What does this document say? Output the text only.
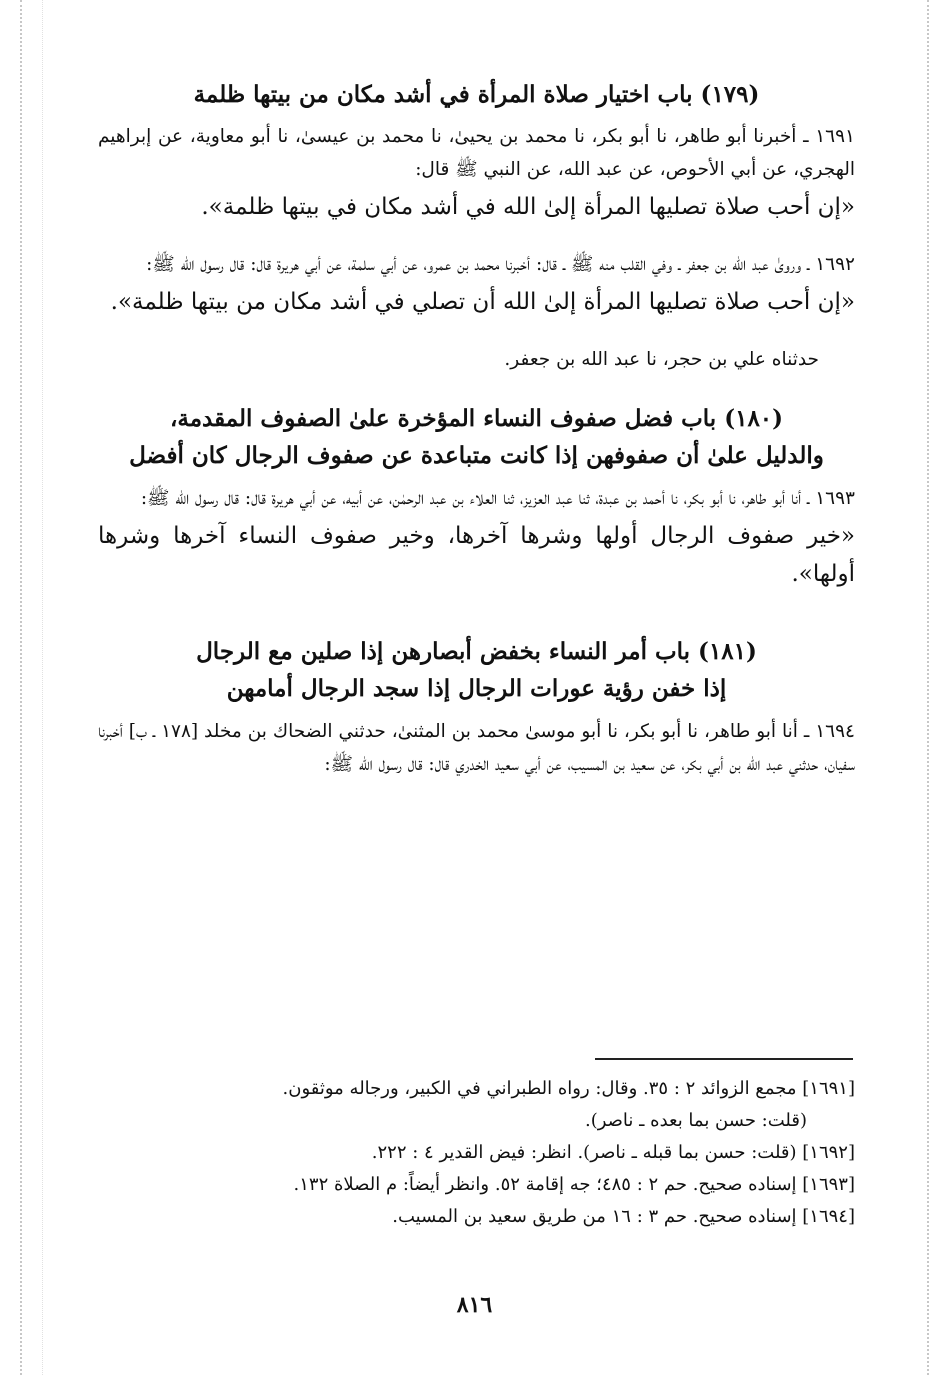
(١٧٩) باب اختيار صلاة المرأة في أشد مكان من بيتها ظلمة

١٦٩١ ـ أخبرنا أبو طاهر، نا أبو بكر، نا محمد بن يحيىٰ، نا محمد بن عيسىٰ، نا أبو معاوية، عن إبراهيم الهجري، عن أبي الأحوص، عن عبد الله، عن النبي ﷺ قال:

«إن أحب صلاة تصليها المرأة إلىٰ الله في أشد مكان في بيتها ظلمة».

١٦٩٢ ـ وروىٰ عبد الله بن جعفر ـ وفي القلب منه ﷺ ـ قال: أخبرنا محمد بن عمرو، عن أبي سلمة، عن أبي هريرة قال: قال رسول الله ﷺ:

«إن أحب صلاة تصليها المرأة إلىٰ الله أن تصلي في أشد مكان من بيتها ظلمة».

حدثناه علي بن حجر، نا عبد الله بن جعفر.

(١٨٠) باب فضل صفوف النساء المؤخرة علىٰ الصفوف المقدمة،
والدليل علىٰ أن صفوفهن إذا كانت متباعدة عن صفوف الرجال كان أفضل

١٦٩٣ ـ أنا أبو طاهر، نا أبو بكر، نا أحمد بن عبدة، ثنا عبد العزيز، ثنا العلاء بن عبد الرحمٰن، عن أبيه، عن أبي هريرة قال: قال رسول الله ﷺ:

«خير صفوف الرجال أولها وشرها آخرها، وخير صفوف النساء آخرها وشرها أولها».

(١٨١) باب أمر النساء بخفض أبصارهن إذا صلين مع الرجال
إذا خفن رؤية عورات الرجال إذا سجد الرجال أمامهن

١٦٩٤ ـ أنا أبو طاهر، نا أبو بكر، نا أبو موسىٰ محمد بن المثنىٰ، حدثني الضحاك بن مخلد [١٧٨ ـ ب] أخبرنا سفيان، حدثني عبد الله بن أبي بكر، عن سعيد بن المسيب، عن أبي سعيد الخدري قال: قال رسول الله ﷺ:

[١٦٩١] مجمع الزوائد ٢ : ٣٥. وقال: رواه الطبراني في الكبير، ورجاله موثقون.

(قلت: حسن بما بعده ـ ناصر).

[١٦٩٢] (قلت: حسن بما قبله ـ ناصر). انظر: فيض القدير ٤ : ٢٢٢.

[١٦٩٣] إسناده صحيح. حم ٢ : ٤٨٥؛ جه إقامة ٥٢. وانظر أيضاً: م الصلاة ١٣٢.

[١٦٩٤] إسناده صحيح. حم ٣ : ١٦ من طريق سعيد بن المسيب.

٨١٦
